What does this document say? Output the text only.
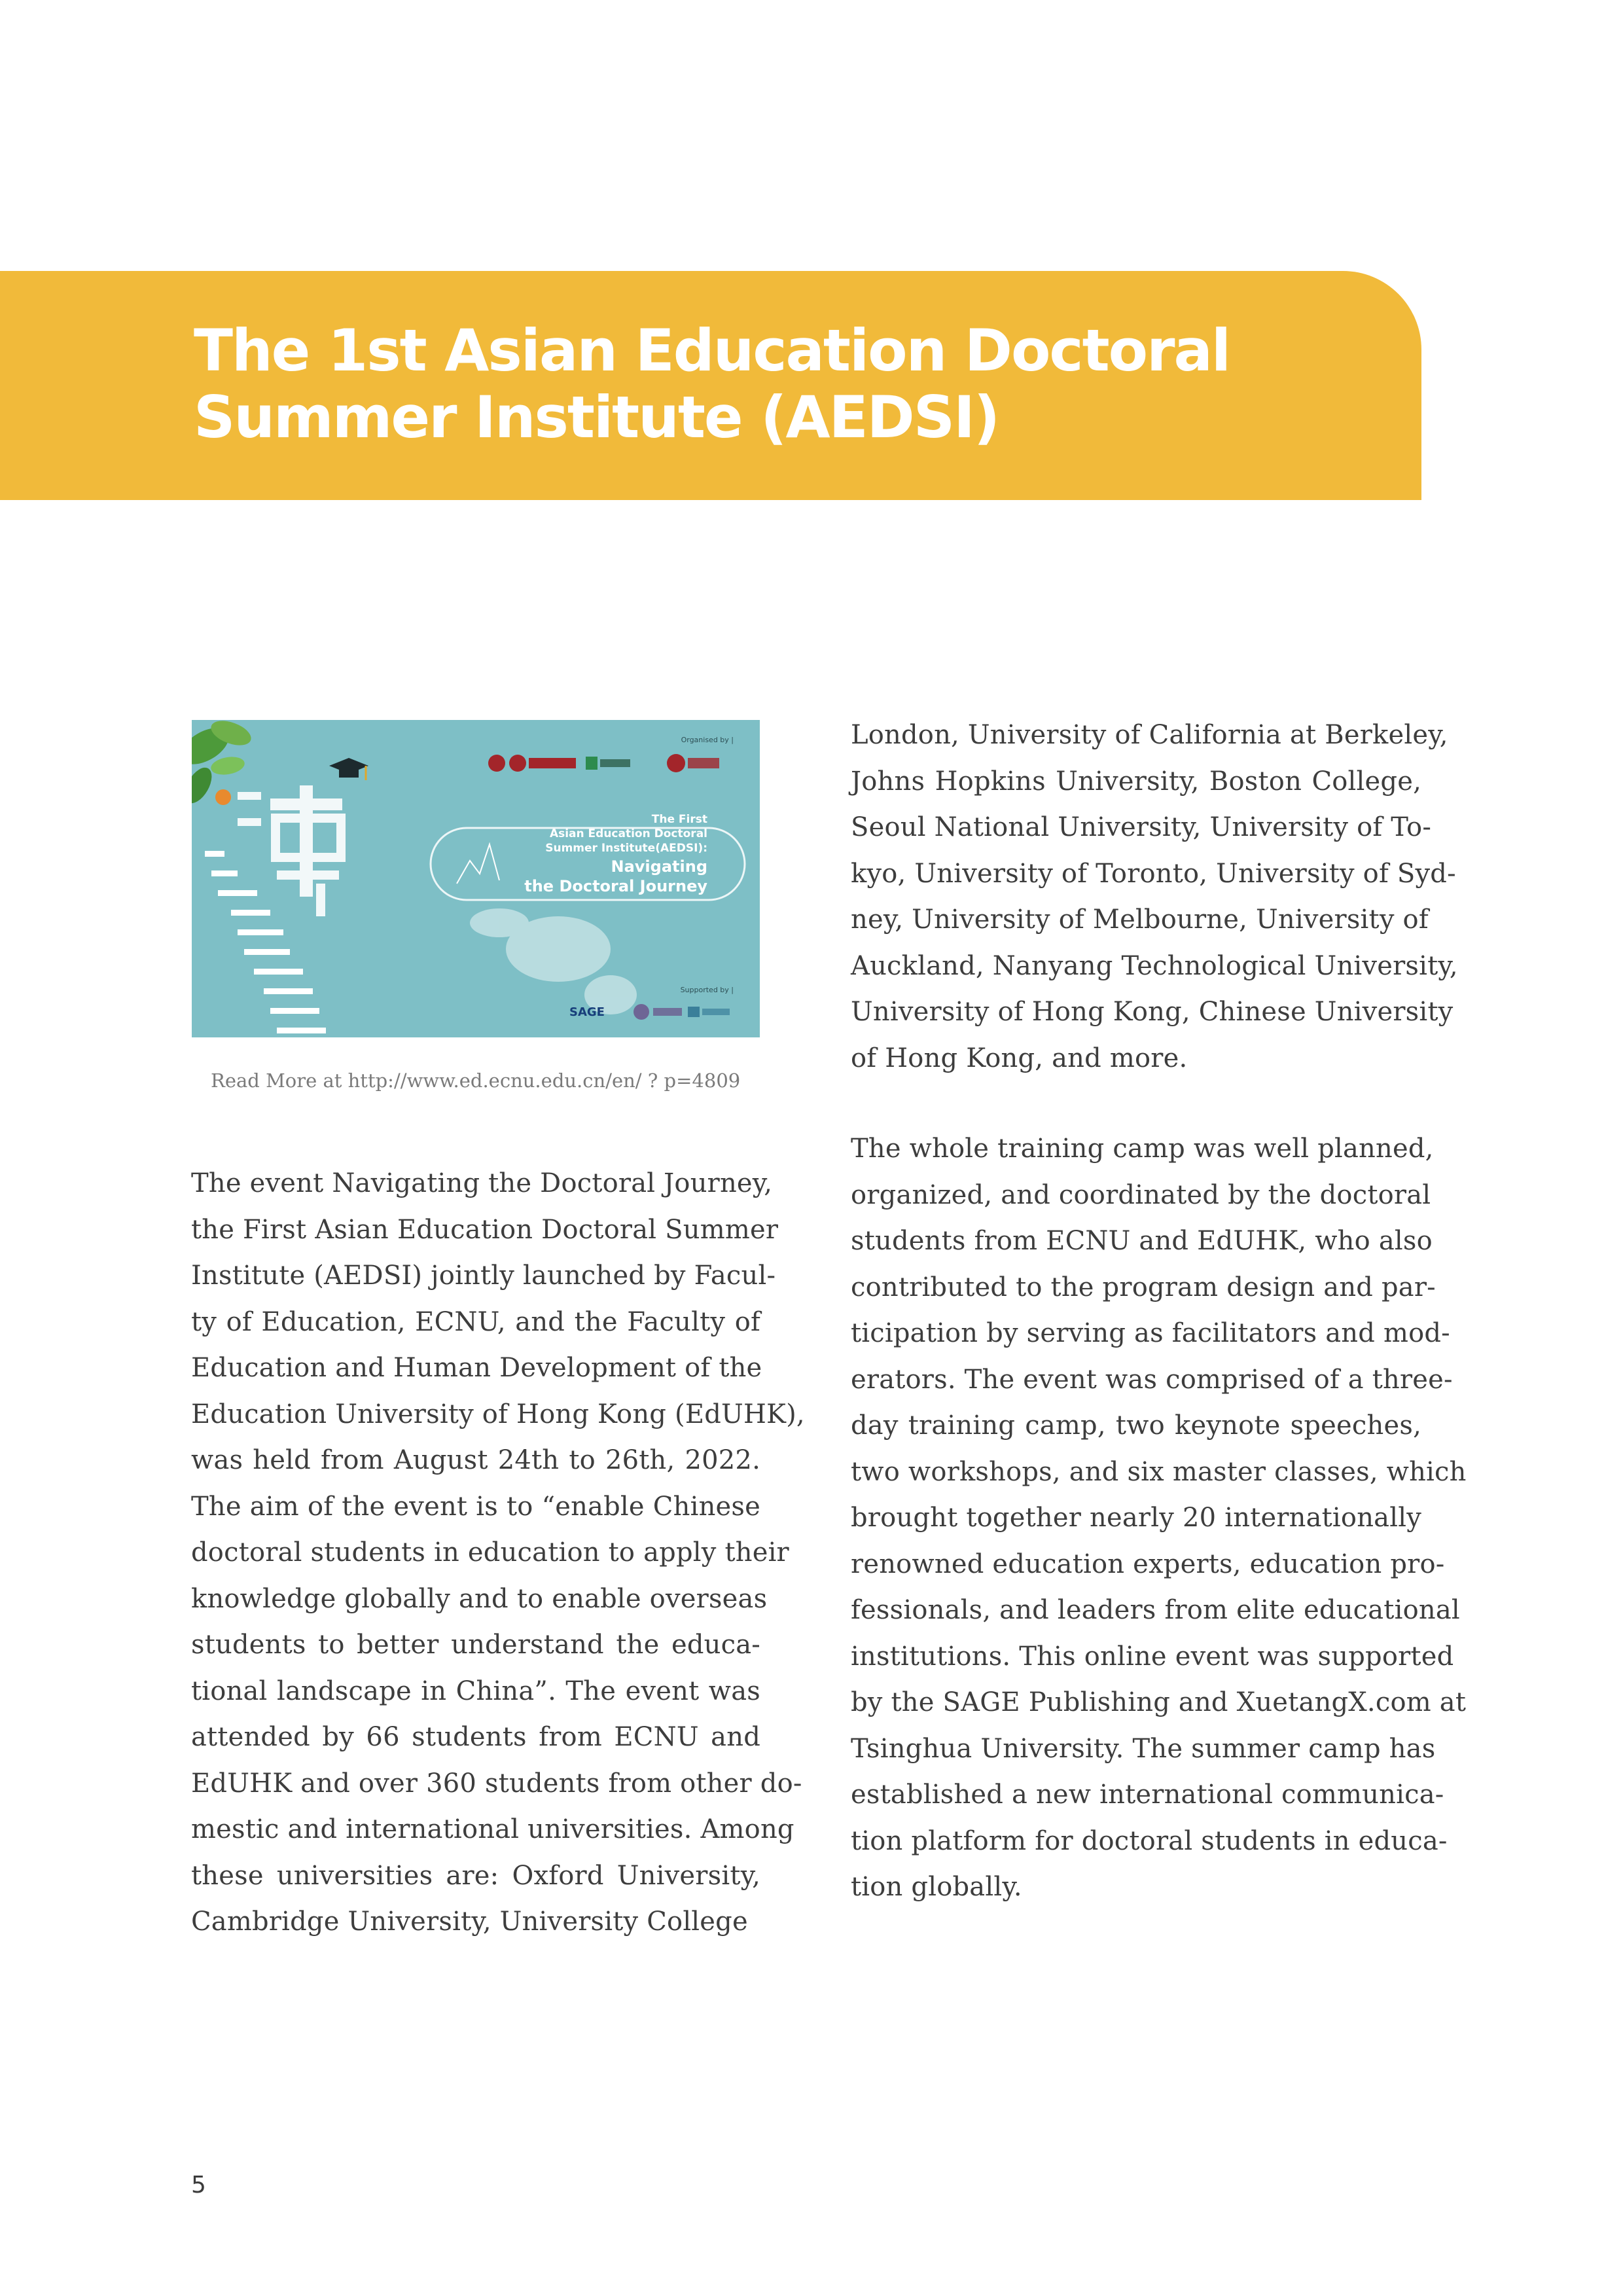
The 1st Asian Education Doctoral
Summer Institute (AEDSI)
Organised by |
The First
Asian Education Doctoral
Summer Institute(AEDSI):
Navigating
the Doctoral Journey
Supported by |
SAGE

Read More at http://www.ed.ecnu.edu.cn/en/ ? p=4809

The event Navigating the Doctoral Journey,
the First Asian Education Doctoral Summer
Institute (AEDSI) jointly launched by Facul-
ty of Education, ECNU, and the Faculty of
Education and Human Development of the
Education University of Hong Kong (EdUHK),
was held from August 24th to 26th, 2022.
The aim of the event is to “enable Chinese
doctoral students in education to apply their
knowledge globally and to enable overseas
students to better understand the educa-
tional landscape in China”. The event was
attended by 66 students from ECNU and
EdUHK and over 360 students from other do-
mestic and international universities. Among
these universities are: Oxford University,
Cambridge University, University College
London, University of California at Berkeley,
Johns Hopkins University, Boston College,
Seoul National University, University of To-
kyo, University of Toronto, University of Syd-
ney, University of Melbourne, University of
Auckland, Nanyang Technological University,
University of Hong Kong, Chinese University
of Hong Kong, and more.
The whole training camp was well planned,
organized, and coordinated by the doctoral
students from ECNU and EdUHK, who also
contributed to the program design and par-
ticipation by serving as facilitators and mod-
erators. The event was comprised of a three-
day training camp, two keynote speeches,
two workshops, and six master classes, which
brought together nearly 20 internationally
renowned education experts, education pro-
fessionals, and leaders from elite educational
institutions. This online event was supported
by the SAGE Publishing and XuetangX.com at
Tsinghua University. The summer camp has
established a new international communica-
tion platform for doctoral students in educa-
tion globally.

5
